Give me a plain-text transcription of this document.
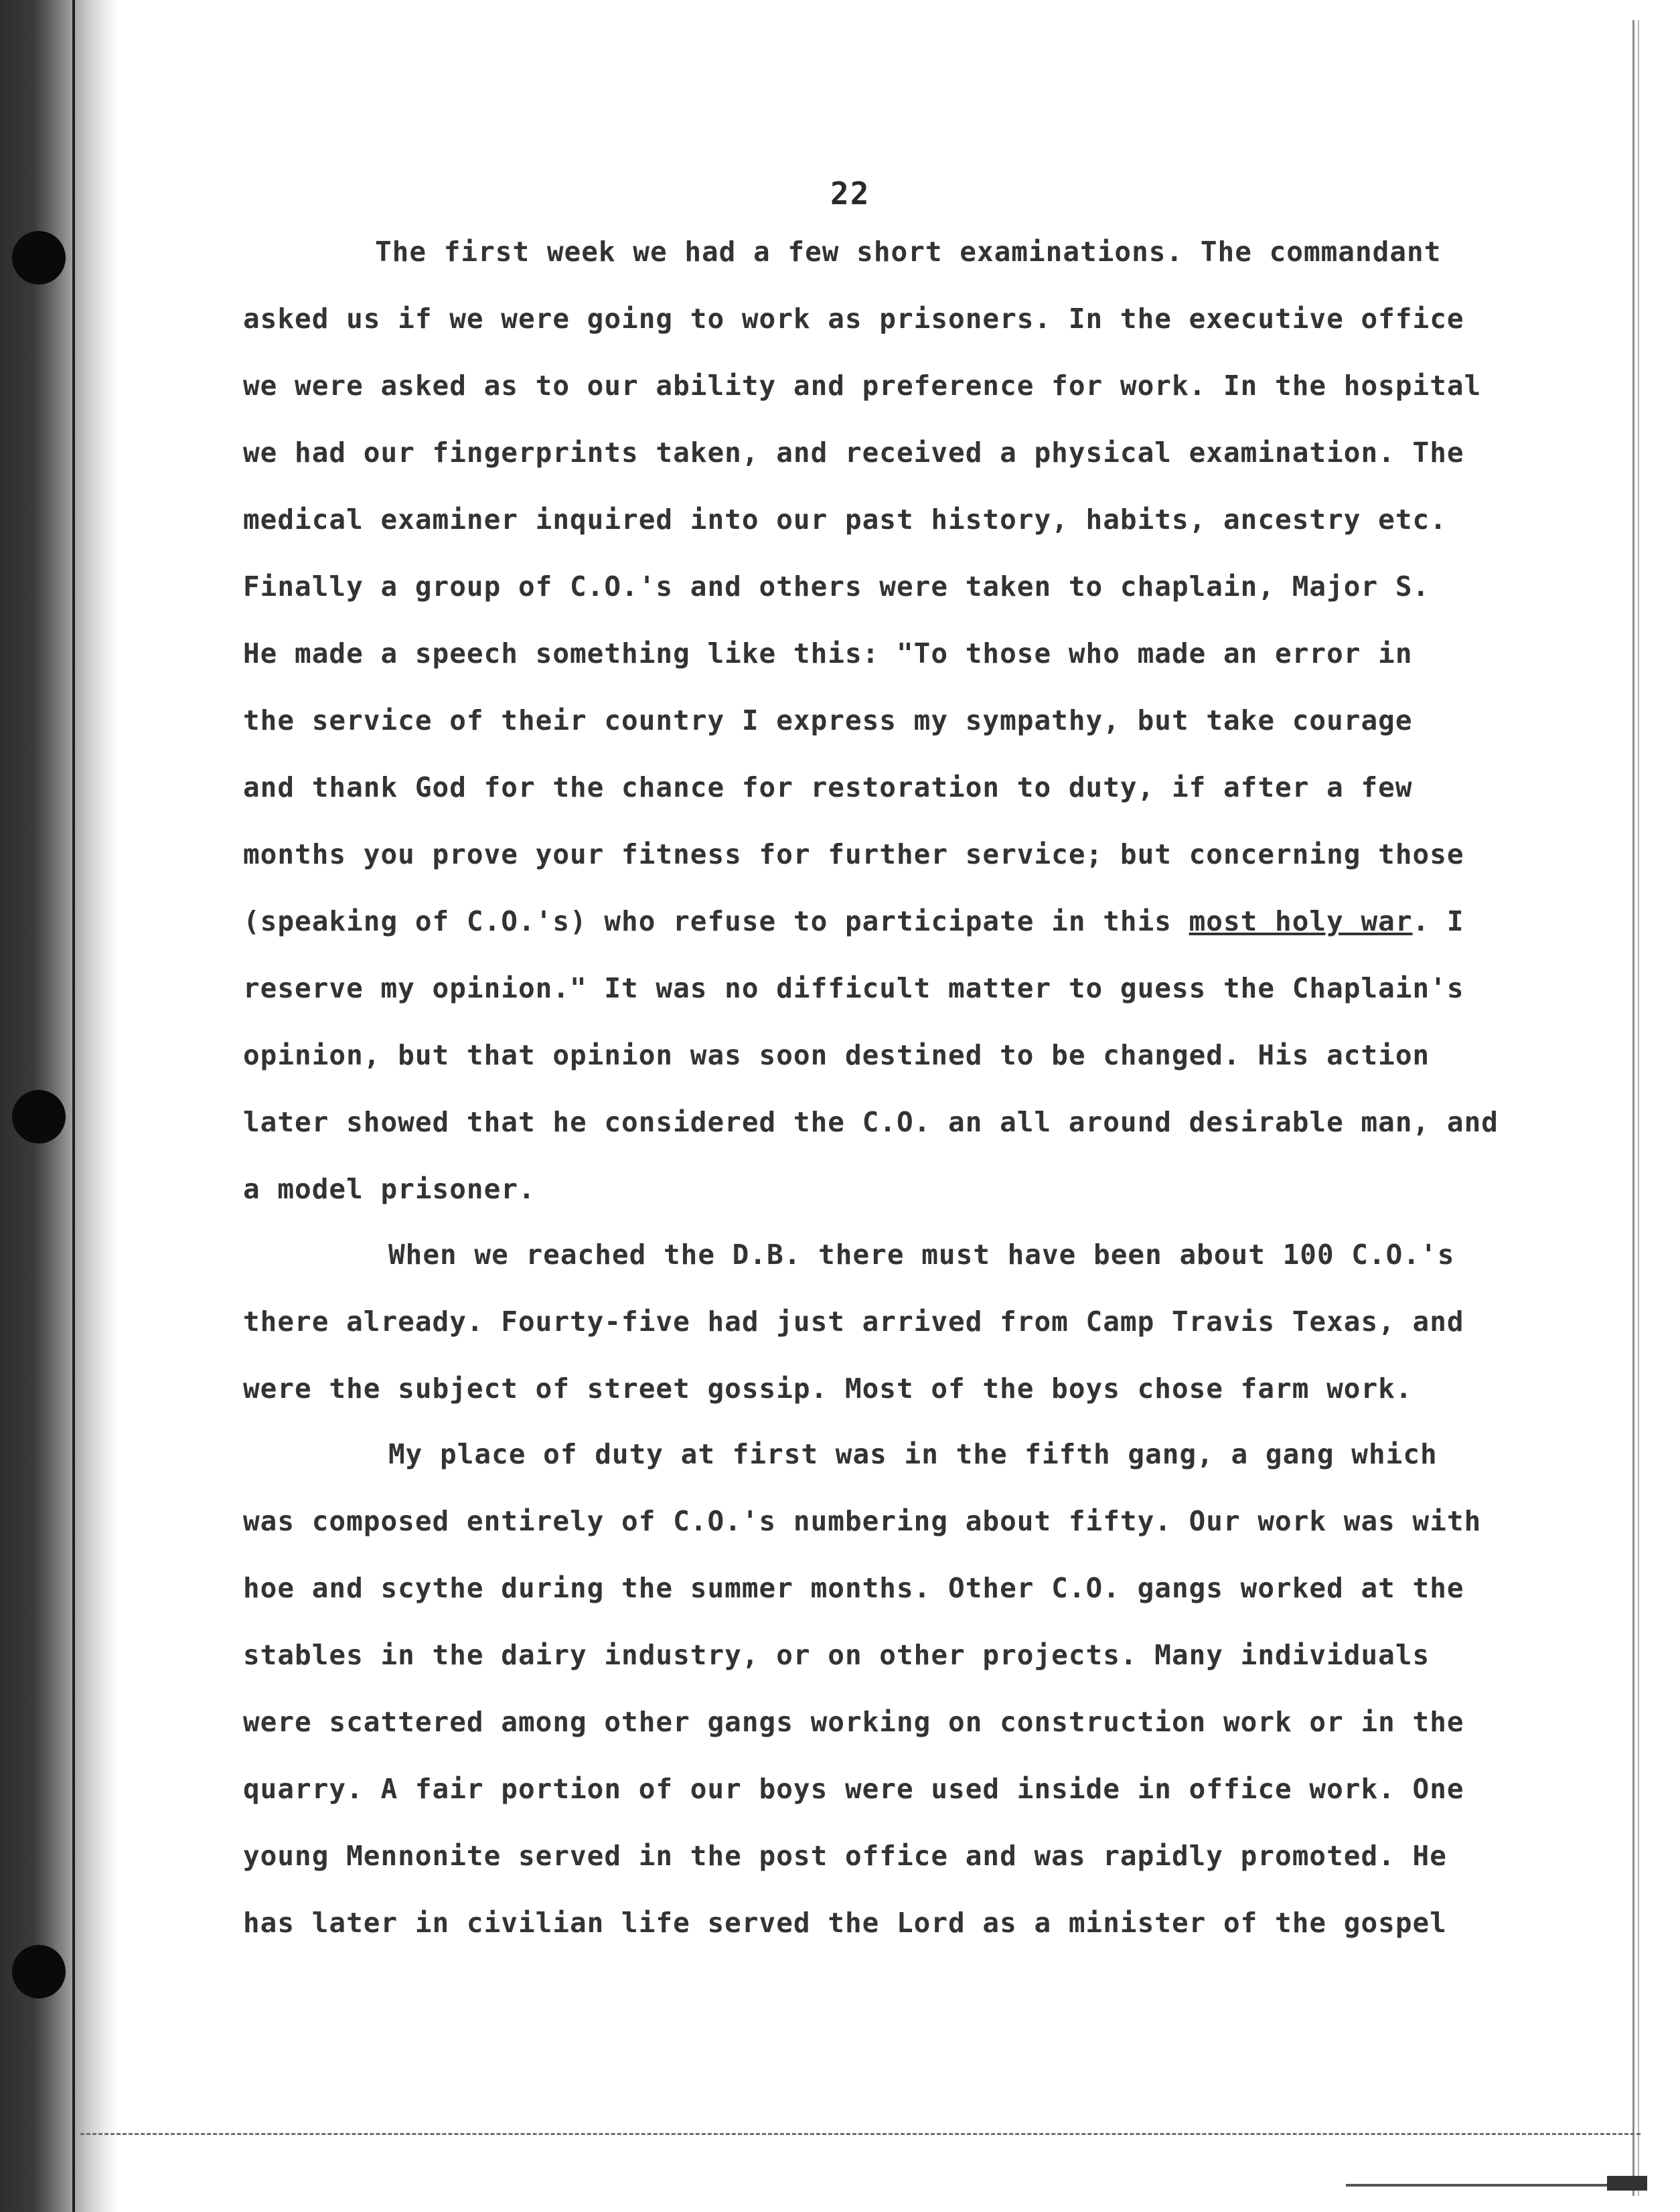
22
The first week we had a few short examinations. The commandant
asked us if we were going to work as prisoners. In the executive office
we were asked as to our ability and preference for work. In the hospital
we had our fingerprints taken, and received a physical examination. The
medical examiner inquired into our past history, habits, ancestry etc.
Finally a group of C.O.'s and others were taken to chaplain, Major S.
He made a speech something like this: "To those who made an error in
the service of their country I express my sympathy, but take courage
and thank God for the chance for restoration to duty, if after a few
months you prove your fitness for further service; but concerning those
(speaking of C.O.'s) who refuse to participate in this most holy war. I
reserve my opinion." It was no difficult matter to guess the Chaplain's
opinion, but that opinion was soon destined to be changed. His action
later showed that he considered the C.O. an all around desirable man, and
a model prisoner.
When we reached the D.B. there must have been about 100 C.O.'s
there already. Fourty-five had just arrived from Camp Travis Texas, and
were the subject of street gossip. Most of the boys chose farm work.
My place of duty at first was in the fifth gang, a gang which
was composed entirely of C.O.'s numbering about fifty. Our work was with
hoe and scythe during the summer months. Other C.O. gangs worked at the
stables in the dairy industry, or on other projects. Many individuals
were scattered among other gangs working on construction work or in the
quarry. A fair portion of our boys were used inside in office work. One
young Mennonite served in the post office and was rapidly promoted. He
has later in civilian life served the Lord as a minister of the gospel
